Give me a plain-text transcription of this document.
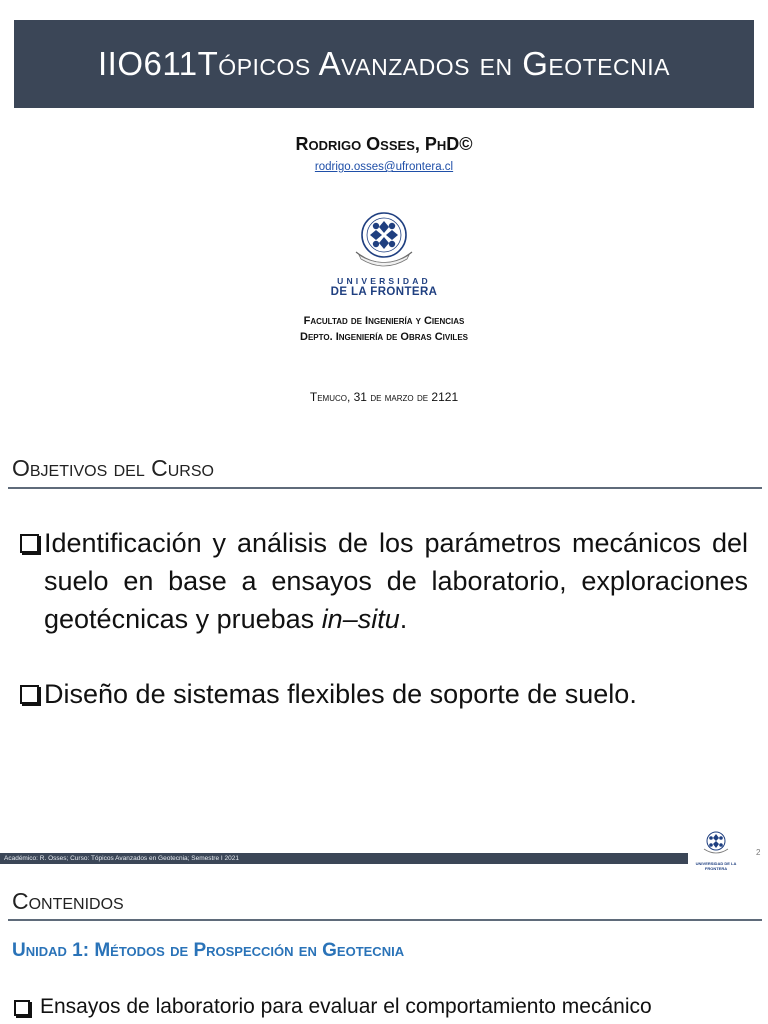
IIO611 Tópicos Avanzados en Geotecnia
Rodrigo Osses, PhD©
rodrigo.osses@ufrontera.cl
UNIVERSIDAD
DE LA FRONTERA
Facultad de Ingeniería y Ciencias
Depto. Ingeniería de Obras Civiles
Temuco, 31 de marzo de 2121
Objetivos del Curso
Identificación y análisis de los parámetros mecánicos del suelo en base a ensayos de laboratorio, exploraciones geotécnicas y pruebas in–situ.
Diseño de sistemas flexibles de soporte de suelo.
Académico: R. Osses; Curso: Tópicos Avanzados en Geotecnia; Semestre I 2021
UNIVERSIDAD DE LA FRONTERA
2
Contenidos
Unidad 1: Métodos de Prospección en Geotecnia
Ensayos de laboratorio para evaluar el comportamiento mecánico
